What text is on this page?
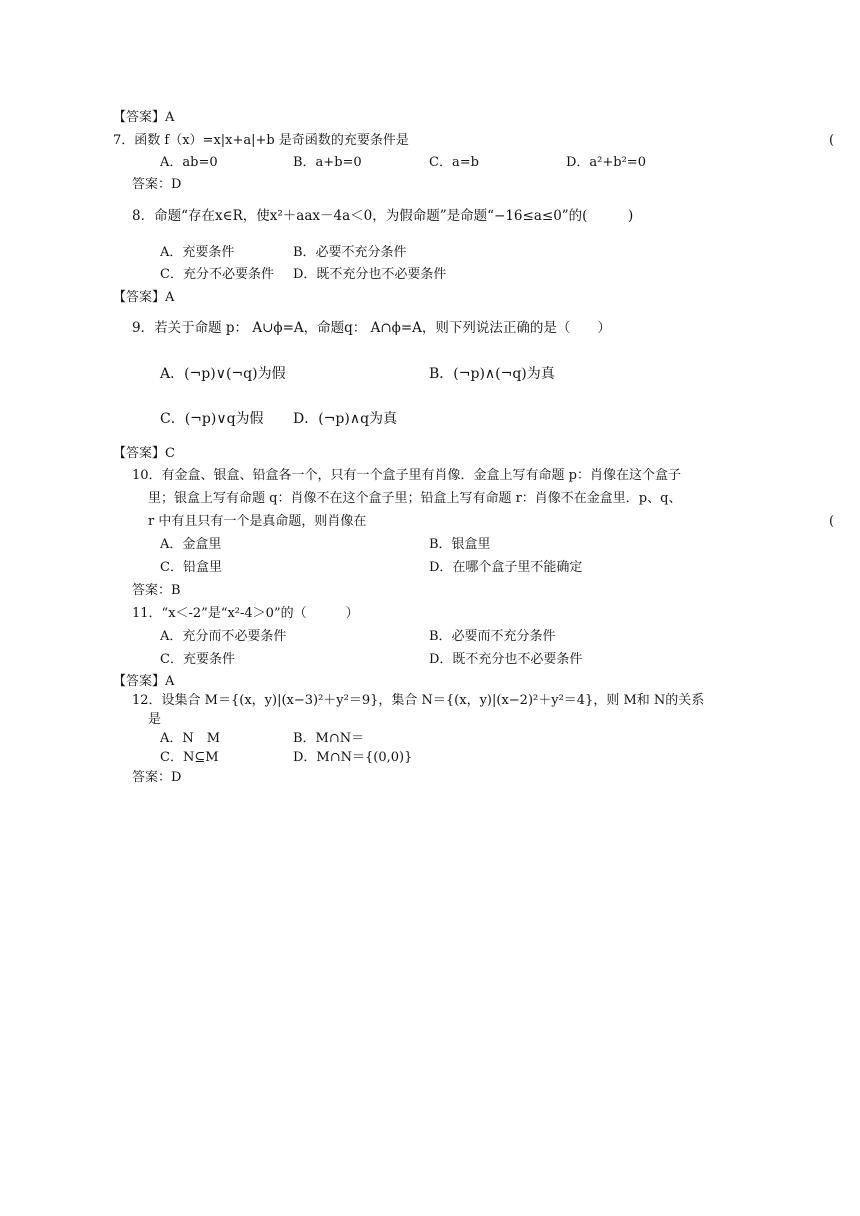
【答案】A
7．函数 f（x）=x|x+a|+b 是奇函数的充要条件是	(
A．ab=0	B．a+b=0	C．a=b	D．a²+b²=0
答案：D
8．命题“存在x∈R，使x²＋aax－4a＜0，为假命题”是命题“−16≤a≤0”的(　　　)
A．充要条件	B．必要不充分条件
C．充分不必要条件 D．既不充分也不必要条件
【答案】A
9．若关于命题 p： A∪ϕ=A，命题q： A∩ϕ=A，则下列说法正确的是（　　）
A．(¬p)∨(¬q)为假	B．(¬p)∧(¬q)为真
C．(¬p)∨q为假 D．(¬p)∧q为真
【答案】C
10．有金盒、银盒、铅盒各一个，只有一个盒子里有肖像．金盒上写有命题 p：肖像在这个盒子
里；银盒上写有命题 q：肖像不在这个盒子里；铅盒上写有命题 r：肖像不在金盒里．p、q、
r 中有且只有一个是真命题，则肖像在	(
A．金盒里	B．银盒里
C．铅盒里	D．在哪个盒子里不能确定
答案：B
11．“x＜-2”是“x²-4＞0”的（　　　）
A．充分而不必要条件	B．必要而不充分条件
C．充要条件	D．既不充分也不必要条件
【答案】A
12．设集合 M＝{(x，y)|(x−3)²＋y²＝9}，集合 N＝{(x，y)|(x−2)²＋y²＝4}，则 M和 N的关系
是
A．N　M	B．M∩N＝
C．N⊆M	D．M∩N＝{(0,0)}
答案：D
